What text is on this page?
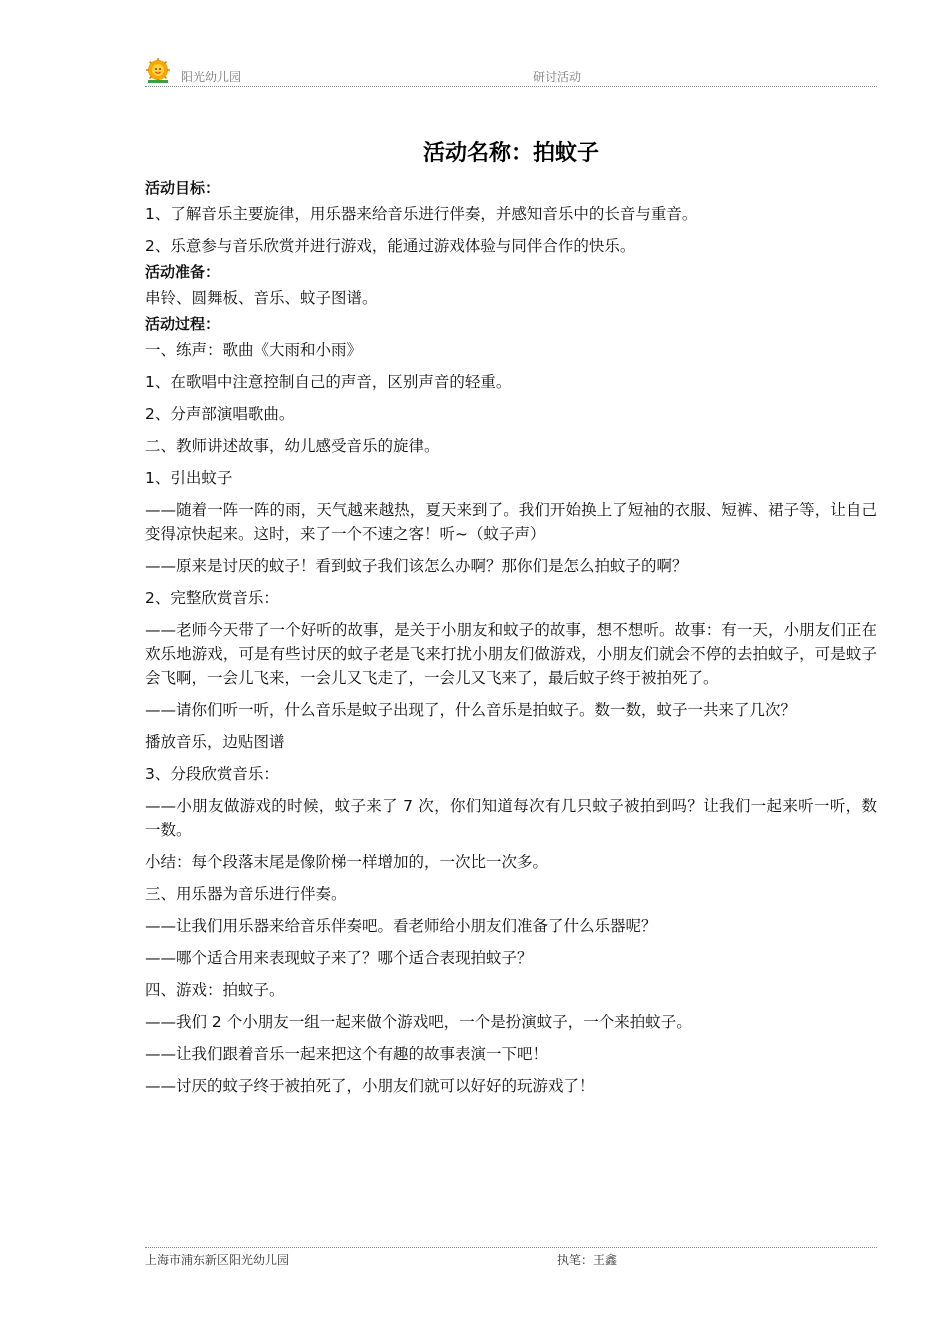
阳光幼儿园	研讨活动
活动名称：拍蚊子

活动目标：

1、了解音乐主要旋律，用乐器来给音乐进行伴奏，并感知音乐中的长音与重音。

2、乐意参与音乐欣赏并进行游戏，能通过游戏体验与同伴合作的快乐。

活动准备：

串铃、圆舞板、音乐、蚊子图谱。

活动过程：

一、练声：歌曲《大雨和小雨》

1、在歌唱中注意控制自己的声音，区别声音的轻重。

2、分声部演唱歌曲。

二、教师讲述故事，幼儿感受音乐的旋律。

1、引出蚊子

——随着一阵一阵的雨，天气越来越热，夏天来到了。我们开始换上了短袖的衣服、短裤、裙子等，让自己变得凉快起来。这时，来了一个不速之客！听~（蚊子声）

——原来是讨厌的蚊子！看到蚊子我们该怎么办啊？那你们是怎么拍蚊子的啊？

2、完整欣赏音乐：

——老师今天带了一个好听的故事，是关于小朋友和蚊子的故事，想不想听。故事：有一天，小朋友们正在欢乐地游戏，可是有些讨厌的蚊子老是飞来打扰小朋友们做游戏，小朋友们就会不停的去拍蚊子，可是蚊子会飞啊，一会儿飞来，一会儿又飞走了，一会儿又飞来了，最后蚊子终于被拍死了。

——请你们听一听，什么音乐是蚊子出现了，什么音乐是拍蚊子。数一数，蚊子一共来了几次？

播放音乐，边贴图谱

3、分段欣赏音乐：

——小朋友做游戏的时候，蚊子来了 7 次，你们知道每次有几只蚊子被拍到吗？让我们一起来听一听，数一数。

小结：每个段落末尾是像阶梯一样增加的，一次比一次多。

三、用乐器为音乐进行伴奏。

——让我们用乐器来给音乐伴奏吧。看老师给小朋友们准备了什么乐器呢？

——哪个适合用来表现蚊子来了？哪个适合表现拍蚊子？

四、游戏：拍蚊子。

——我们 2 个小朋友一组一起来做个游戏吧，一个是扮演蚊子，一个来拍蚊子。

——让我们跟着音乐一起来把这个有趣的故事表演一下吧！

——讨厌的蚊子终于被拍死了，小朋友们就可以好好的玩游戏了！

上海市浦东新区阳光幼儿园	执笔：王鑫
